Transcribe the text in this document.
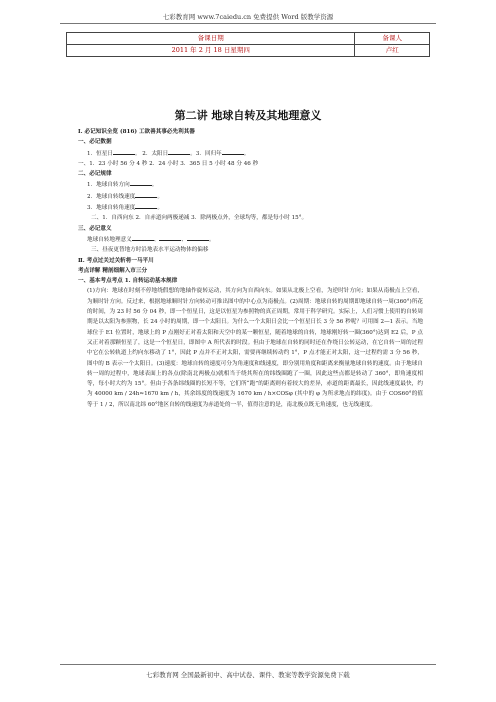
七彩教育网 www.7caiedu.cn 免费提供 Word 版教学资源
备课日期	备课人
2011 年 2 月 18 日星期四	卢红
第二讲 地球自转及其地理意义

Ⅰ. 必记知识全览 (816) 工欲善其事必先利其器

一、必记数据

1．恒星日	。 2．太阳日	。3．回归年	。

一、1．23 小时 56 分 4 秒 2．24 小时 3．365 日 5 小时 48 分 46 秒

二、必记规律

1．地球自转方向	。

2．地球自转线速度	。

3．地球自转角速度	。

二、1．自西向东 2．自赤道向两极递减 3．除两极点外，全球均等，都是每小时 15°。

三、必记意义

地球自转地理意义	、	、	。

三、昼夜更替地方时沿地表水平运动物体的偏移

Ⅱ. 考点过关过关斩将一马平川

考点详解 精剖细解入市三分

一、基本考点考点 1. 自转运动基本规律

(1)方向：地球在时刻不停地绕假想的地轴作旋转运动，其方向为自西向东。如果从北极上空看，为逆时针方向；如果从南极点上空看，为顺时针方向。反过来，根据地球顺时针方向转动可推出图中的中心点为南极点。(2)周期：地球自转的周期即地球自转一周(360°)所花的时间，为 23 时 56 分 04 秒，即一个恒星日，这是以恒星为参照物的真正周期，常用于科学研究。实际上，人们习惯上使用的自转周期是以太阳为参照物，长 24 小时的周期，即一个太阳日。为什么一个太阳日会比一个恒星日长 3 分 56 秒呢？可用图 2—1 表示。当地球位于 E1 位置时，地球上的 P 点刚好正对着太阳和天空中的某一颗恒星，随着地球的自转，地球刚好转一圈(360°)达到 E2 后，P 点又正对着那颗恒星了，这是一个恒星日，即图中 A 所代表的时段。但由于地球在自转的同时还在作绕日公转运动，在它自转一周的过程中它在公转轨道上约向东移动了 1°，因此 P 点并不正对太阳，需要再继续转动约 1°，P 点才能正对太阳，这一过程约需 3 分 56 秒，图中的 B 表示一个太阳日。(3)速度：地球自转的速度可分为角速度和线速度，即分别用角度和距离来衡量地球自转的速度。由于地球自转一周的过程中，地球表面上的各点(除南北两极点)就相当于绕其所在的纬线圈跑了一圈，因此这些点都是转动了 360°，即角速度相等，每小时大约为 15°。但由于各条纬线圈的长短不等，它们所“跑”的距离则有着较大的差异，赤道的距离最长，因此线速度最快，约为 40000 km / 24h≈1670 km / h，其余纬度的线速度为 1670 km / h×COSφ (其中的 φ 为所求地点的纬度)。由于 COS60°的值等于 1 / 2，所以南北纬 60°地区自转的线速度为赤道处的一半，值得注意的是，南北极点既无角速度，也无线速度。

七彩教育网 全国最新初中、高中试卷、课件、教案等教学资源免费下载
